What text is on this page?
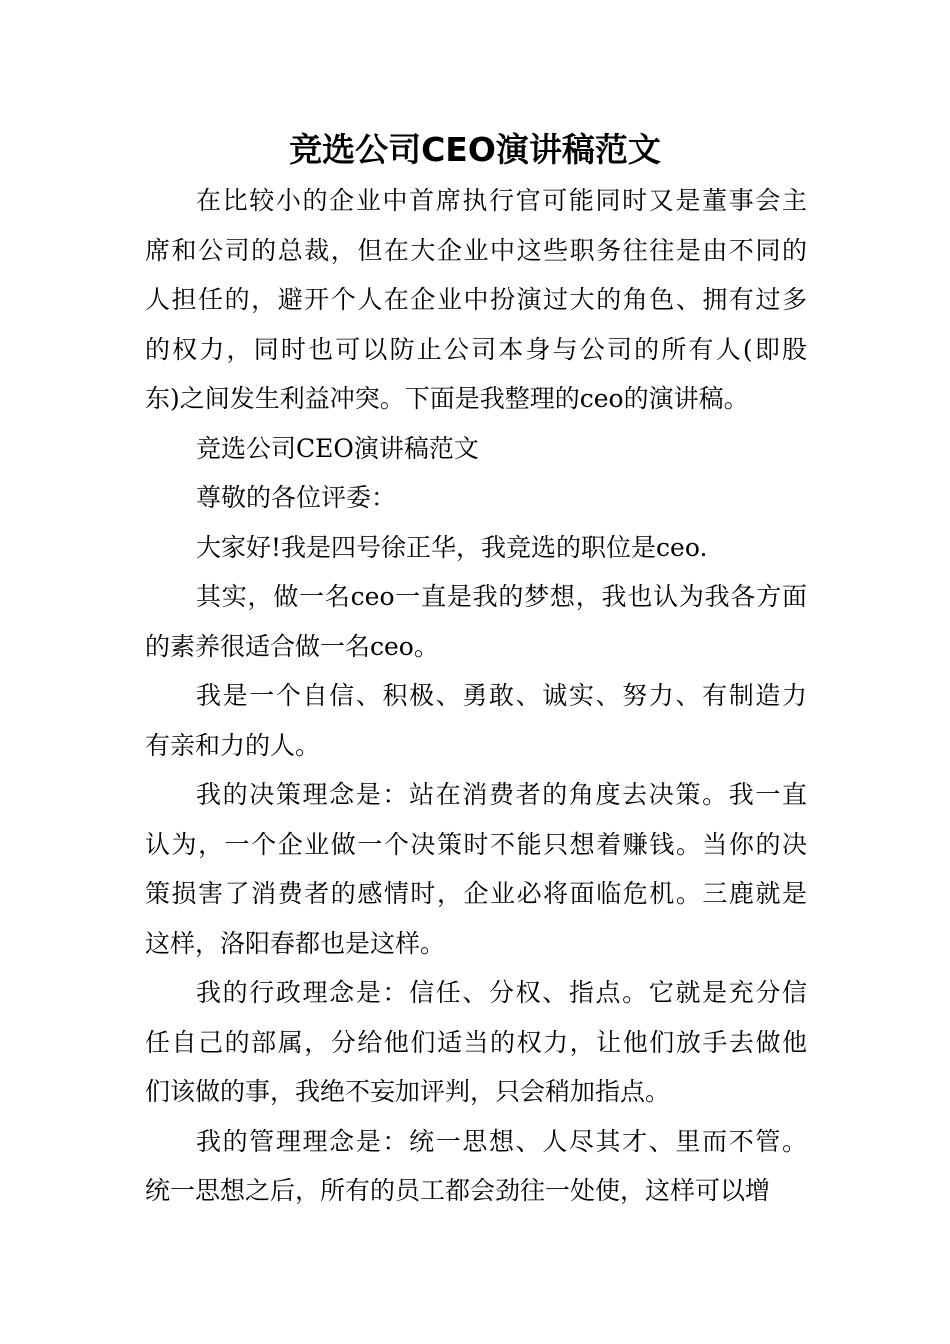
竞选公司CEO演讲稿范文
在比较小的企业中首席执行官可能同时又是董事会主
席和公司的总裁，但在大企业中这些职务往往是由不同的
人担任的，避开个人在企业中扮演过大的角色、拥有过多
的权力，同时也可以防止公司本身与公司的所有人(即股
东)之间发生利益冲突。下面是我整理的ceo的演讲稿。
竞选公司CEO演讲稿范文
尊敬的各位评委：
大家好!我是四号徐正华，我竞选的职位是ceo.
其实，做一名ceo一直是我的梦想，我也认为我各方面
的素养很适合做一名ceo。
我是一个自信、积极、勇敢、诚实、努力、有制造力
有亲和力的人。
我的决策理念是：站在消费者的角度去决策。我一直
认为，一个企业做一个决策时不能只想着赚钱。当你的决
策损害了消费者的感情时，企业必将面临危机。三鹿就是
这样，洛阳春都也是这样。
我的行政理念是：信任、分权、指点。它就是充分信
任自己的部属，分给他们适当的权力，让他们放手去做他
们该做的事，我绝不妄加评判，只会稍加指点。
我的管理理念是：统一思想、人尽其才、里而不管。
统一思想之后，所有的员工都会劲往一处使，这样可以增
